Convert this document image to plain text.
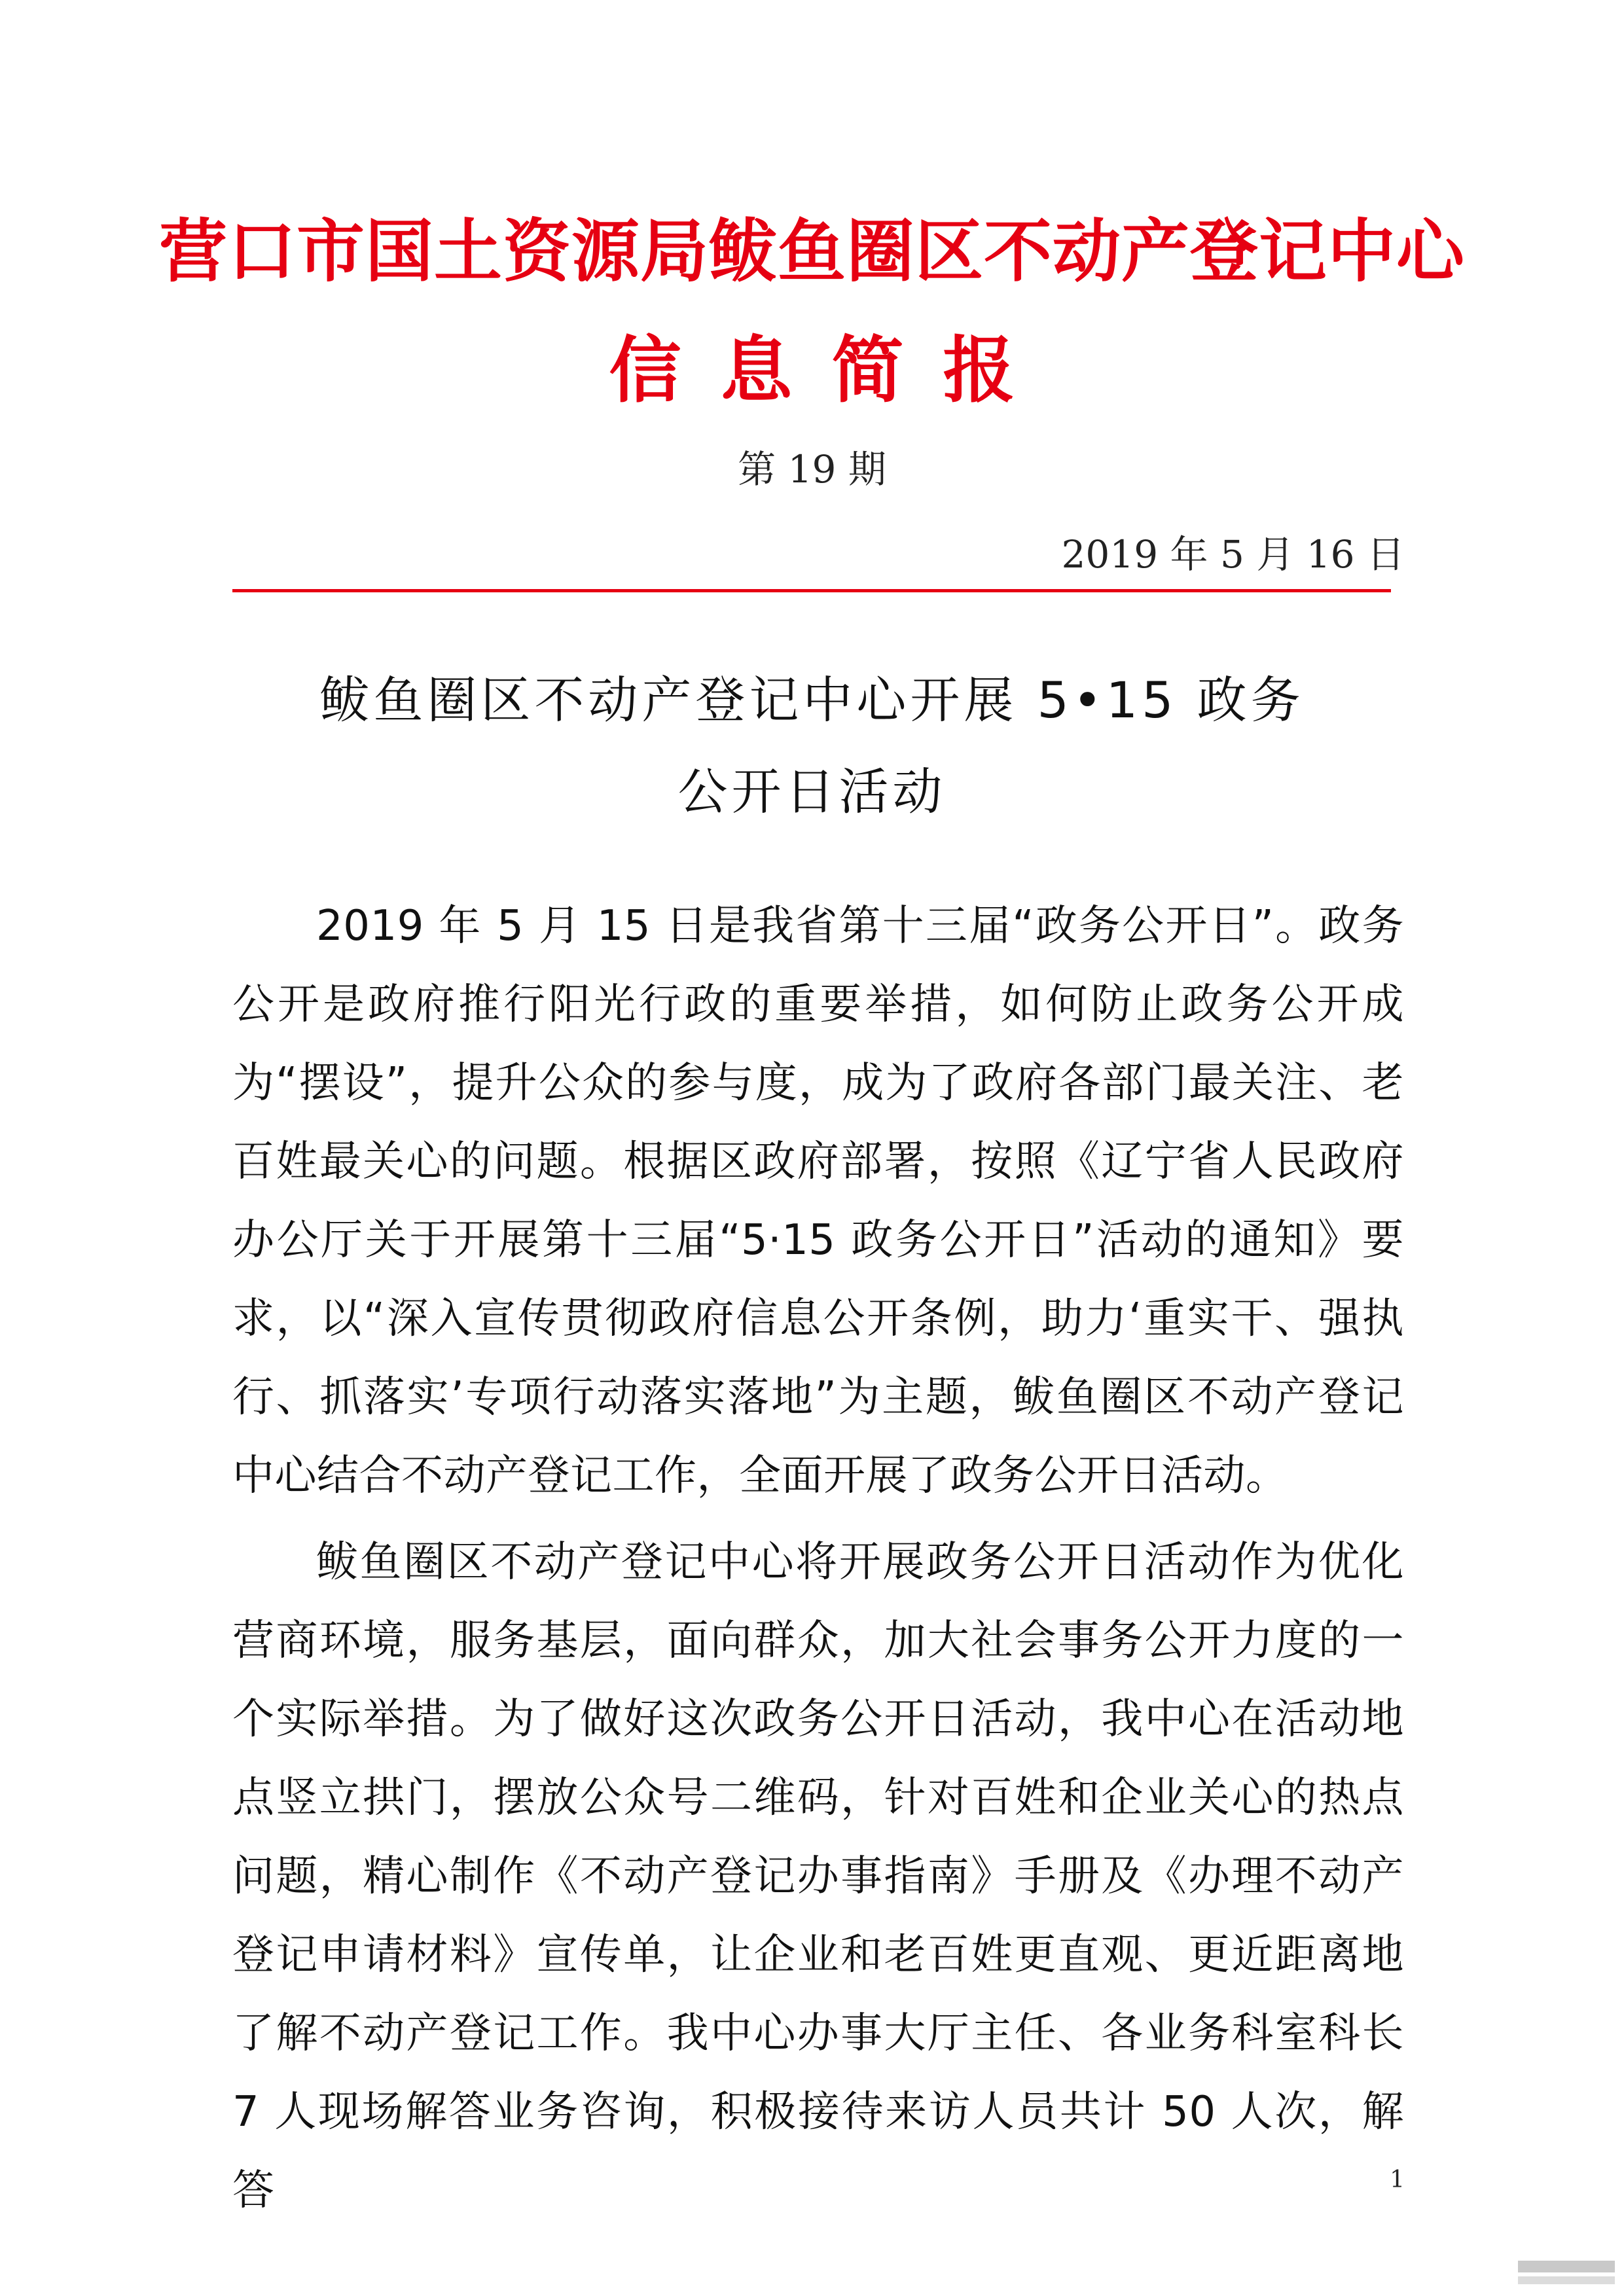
营口市国土资源局鲅鱼圈区不动产登记中心
信息简报
第 19 期
2019 年 5 月 16 日
鲅鱼圈区不动产登记中心开展 5•15 政务
公开日活动

2019 年 5 月 15 日是我省第十三届“政务公开日”。政务公开是政府推行阳光行政的重要举措，如何防止政务公开成为“摆设”，提升公众的参与度，成为了政府各部门最关注、老百姓最关心的问题。根据区政府部署，按照《辽宁省人民政府办公厅关于开展第十三届“5·15 政务公开日”活动的通知》要求，以“深入宣传贯彻政府信息公开条例，助力‘重实干、强执行、抓落实’专项行动落实落地”为主题，鲅鱼圈区不动产登记中心结合不动产登记工作，全面开展了政务公开日活动。

鲅鱼圈区不动产登记中心将开展政务公开日活动作为优化营商环境，服务基层，面向群众，加大社会事务公开力度的一个实际举措。为了做好这次政务公开日活动，我中心在活动地点竖立拱门，摆放公众号二维码，针对百姓和企业关心的热点问题，精心制作《不动产登记办事指南》手册及《办理不动产登记申请材料》宣传单，让企业和老百姓更直观、更近距离地了解不动产登记工作。我中心办事大厅主任、各业务科室科长 7 人现场解答业务咨询，积极接待来访人员共计 50 人次，解答	1
